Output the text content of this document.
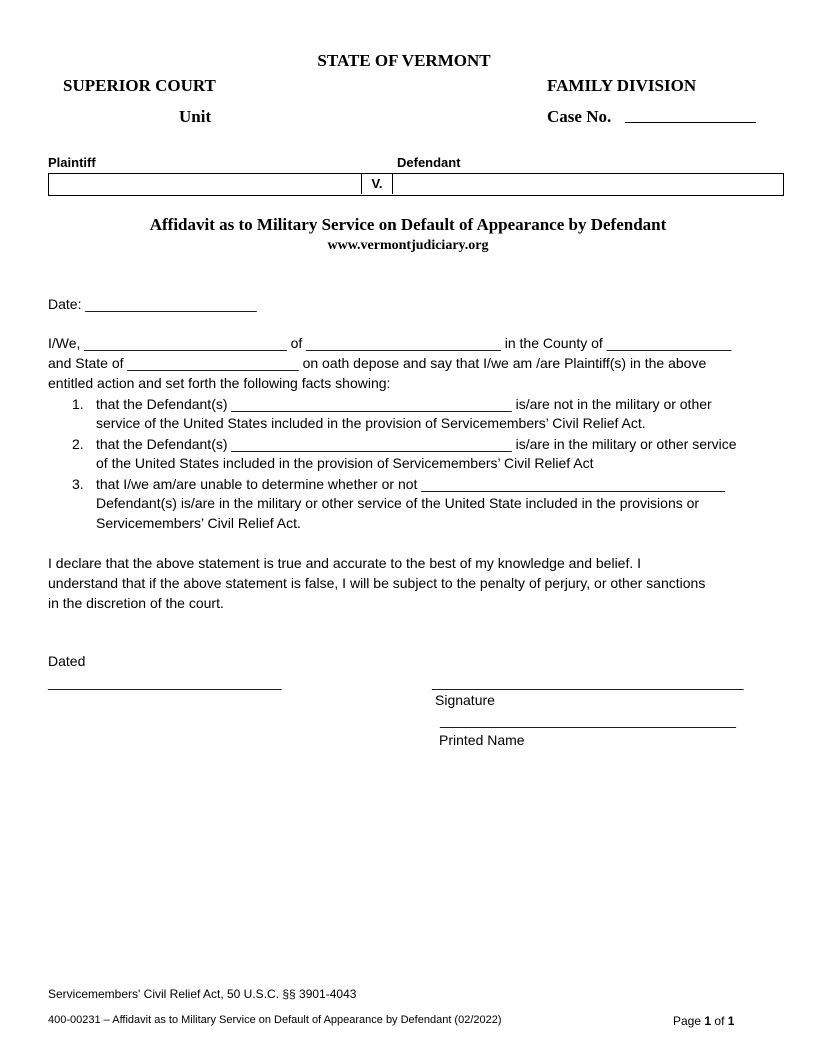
STATE OF VERMONT
SUPERIOR COURT
Unit
FAMILY DIVISION
Case No.
Plaintiff	Defendant
V.
Affidavit as to Military Service on Default of Appearance by Defendant
www.vermontjudiciary.org
Date: ______________________
I/We, __________________________ of _________________________ in the County of ________________
and State of ______________________ on oath depose and say that I/we am /are Plaintiff(s) in the above
entitled action and set forth the following facts showing:
1. that the Defendant(s) ____________________________________ is/are not in the military or other
service of the United States included in the provision of Servicemembers’ Civil Relief Act.
2. that the Defendant(s) ____________________________________ is/are in the military or other service
of the United States included in the provision of Servicemembers’ Civil Relief Act
3. that I/we am/are unable to determine whether or not _______________________________________
Defendant(s) is/are in the military or other service of the United State included in the provisions or
Servicemembers’ Civil Relief Act.
I declare that the above statement is true and accurate to the best of my knowledge and belief. I
understand that if the above statement is false, I will be subject to the penalty of perjury, or other sanctions
in the discretion of the court.
Dated
______________________________	________________________________________
Signature
______________________________________
Printed Name
Servicemembers' Civil Relief Act, 50 U.S.C. §§ 3901-4043
400-00231 – Affidavit as to Military Service on Default of Appearance by Defendant (02/2022)	Page 1 of 1
